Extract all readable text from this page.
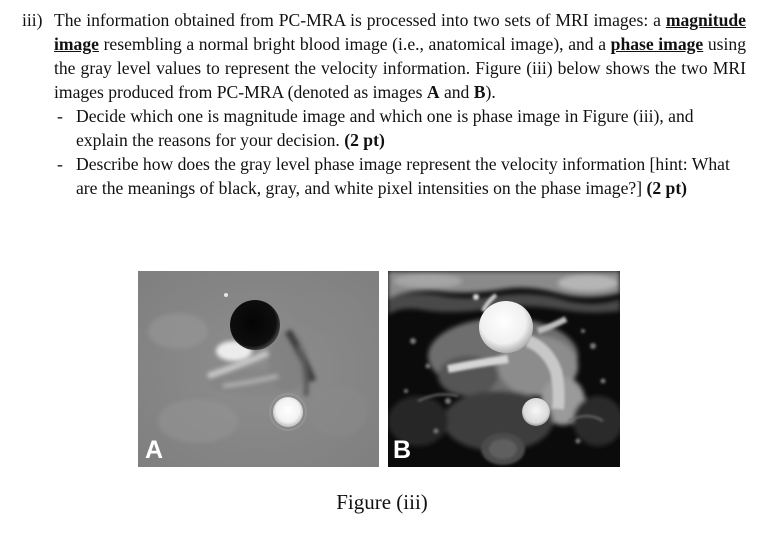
iii) The information obtained from PC-MRA is processed into two sets of MRI images: a magnitude image resembling a normal bright blood image (i.e., anatomical image), and a phase image using the gray level values to represent the velocity information. Figure (iii) below shows the two MRI images produced from PC-MRA (denoted as images A and B).
- Decide which one is magnitude image and which one is phase image in Figure (iii), and explain the reasons for your decision. (2 pt)
- Describe how does the gray level phase image represent the velocity information [hint: What are the meanings of black, gray, and white pixel intensities on the phase image?] (2 pt)
A	B
Figure (iii)
